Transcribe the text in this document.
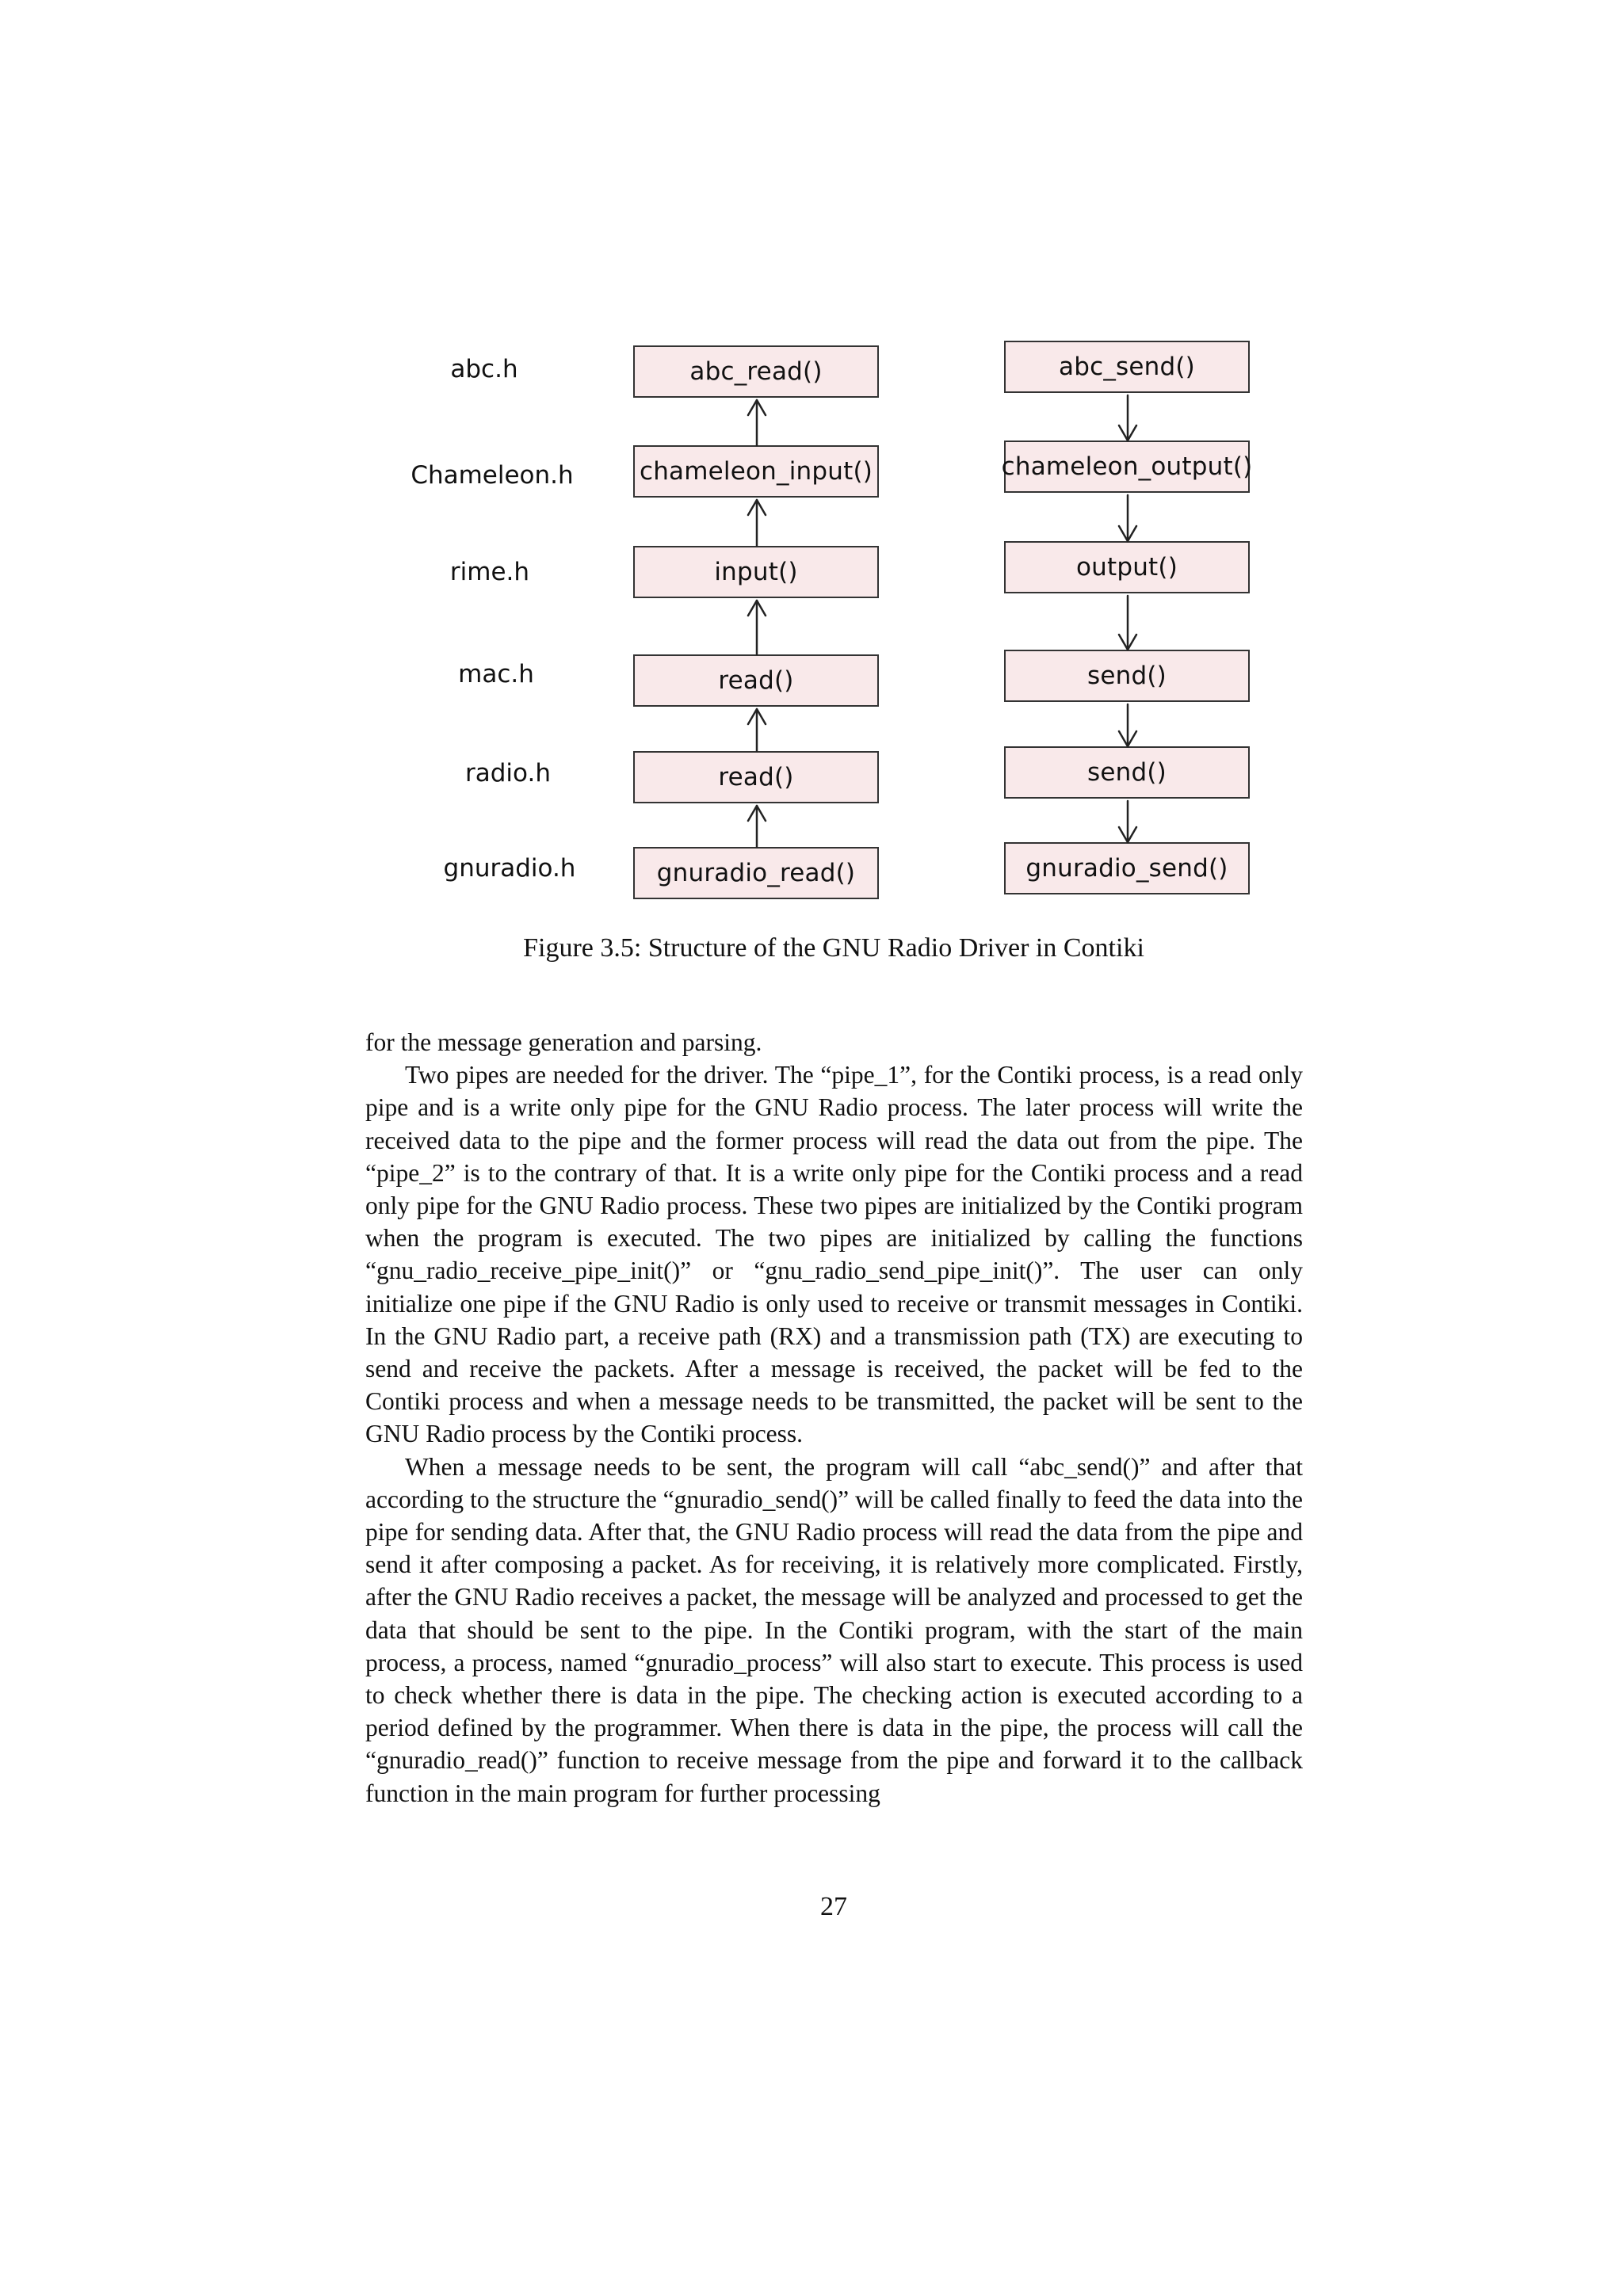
abc.h

Chameleon.h

rime.h

mac.h

radio.h

gnuradio.h

abc_read()
chameleon_input()
input()
read()
read()
gnuradio_read()
abc_send()
chameleon_output()
output()
send()
send()
gnuradio_send()

Figure 3.5: Structure of the GNU Radio Driver in Contiki

for the message generation and parsing.

Two pipes are needed for the driver. The “pipe_1”, for the Contiki process, is a read only pipe and is a write only pipe for the GNU Radio process. The later process will write the received data to the pipe and the former process will read the data out from the pipe. The “pipe_2” is to the contrary of that. It is a write only pipe for the Contiki process and a read only pipe for the GNU Radio process. These two pipes are initialized by the Contiki program when the program is executed. The two pipes are initialized by calling the functions “gnu_radio_receive_pipe_init()” or “gnu_radio_send_pipe_init()”. The user can only initialize one pipe if the GNU Radio is only used to receive or transmit messages in Contiki. In the GNU Radio part, a receive path (RX) and a transmission path (TX) are executing to send and receive the packets. After a message is received, the packet will be fed to the Contiki process and when a message needs to be transmitted, the packet will be sent to the GNU Radio process by the Contiki process.

When a message needs to be sent, the program will call “abc_send()” and after that according to the structure the “gnuradio_send()” will be called finally to feed the data into the pipe for sending data. After that, the GNU Radio process will read the data from the pipe and send it after composing a packet. As for receiving, it is relatively more complicated. Firstly, after the GNU Radio receives a packet, the message will be analyzed and processed to get the data that should be sent to the pipe. In the Contiki program, with the start of the main process, a process, named “gnuradio_process” will also start to execute. This process is used to check whether there is data in the pipe. The checking action is executed according to a period defined by the programmer. When there is data in the pipe, the process will call the “gnuradio_read()” function to receive message from the pipe and forward it to the callback function in the main program for further processing

27
